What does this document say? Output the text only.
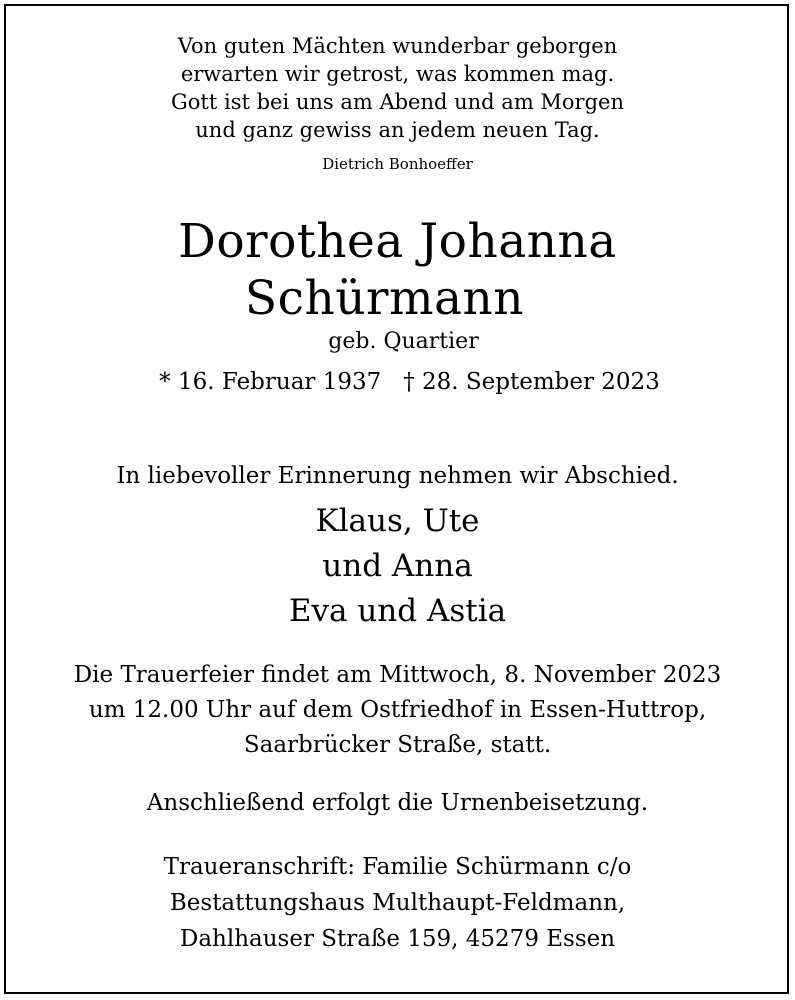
Von guten Mächten wunderbar geborgen
erwarten wir getrost, was kommen mag.
Gott ist bei uns am Abend und am Morgen
und ganz gewiss an jedem neuen Tag.
Dietrich Bonhoeffer
Dorothea Johanna
Schürmann
geb. Quartier
* 16. Februar 1937   † 28. September 2023
In liebevoller Erinnerung nehmen wir Abschied.
Klaus, Ute
und Anna
Eva und Astia
Die Trauerfeier findet am Mittwoch, 8. November 2023
um 12.00 Uhr auf dem Ostfriedhof in Essen-Huttrop,
Saarbrücker Straße, statt.
Anschließend erfolgt die Urnenbeisetzung.
Traueranschrift: Familie Schürmann c/o
Bestattungshaus Multhaupt-Feldmann,
Dahlhauser Straße 159, 45279 Essen
